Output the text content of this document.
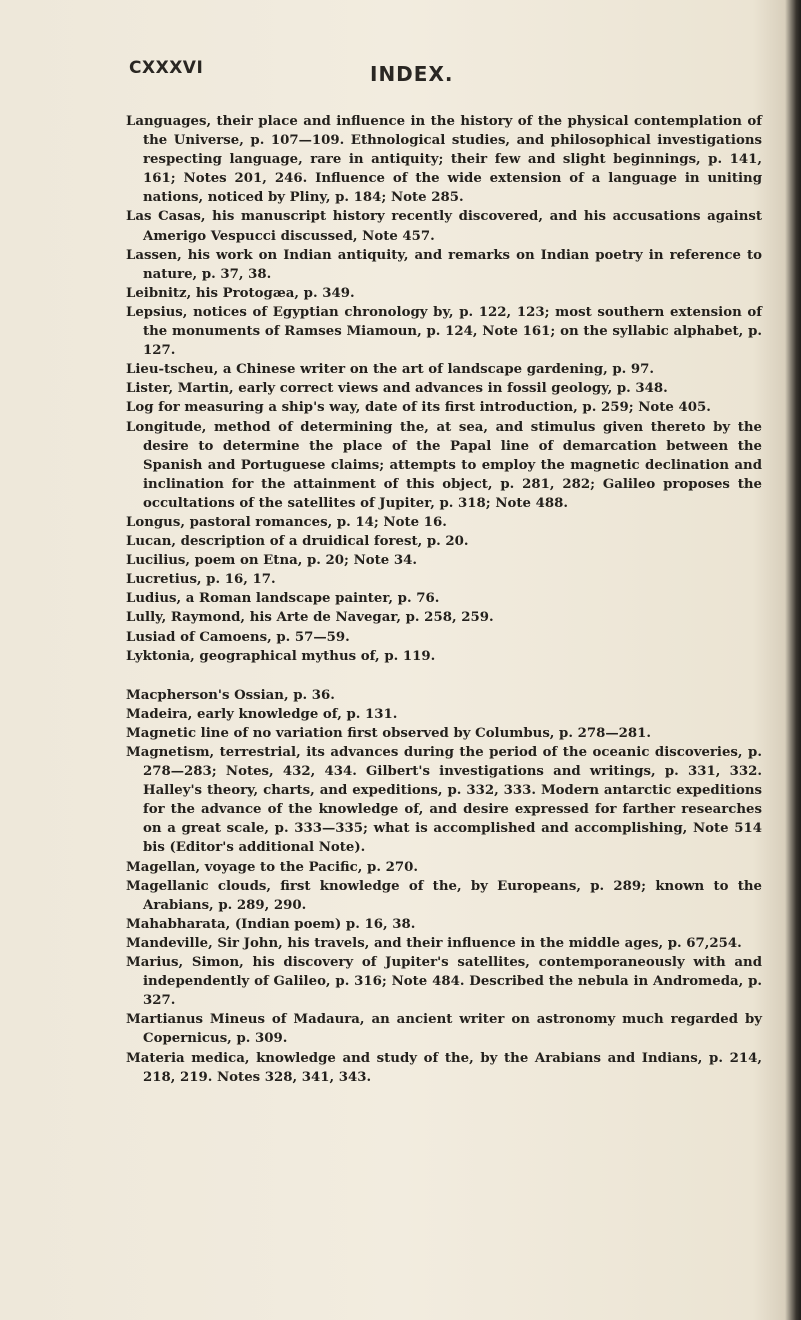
CXXXVI	INDEX.

Languages, their place and influence in the history of the physical contemplation of the Universe, p. 107—109. Ethnological studies, and philosophical investigations respecting language, rare in antiquity; their few and slight beginnings, p. 141, 161; Notes 201, 246. Influence of the wide extension of a language in uniting nations, noticed by Pliny, p. 184; Note 285.

Las Casas, his manuscript history recently discovered, and his accusations against Amerigo Vespucci discussed, Note 457.

Lassen, his work on Indian antiquity, and remarks on Indian poetry in reference to nature, p. 37, 38.

Leibnitz, his Protogæa, p. 349.

Lepsius, notices of Egyptian chronology by, p. 122, 123; most southern extension of the monuments of Ramses Miamoun, p. 124, Note 161; on the syllabic alphabet, p. 127.

Lieu-tscheu, a Chinese writer on the art of landscape gardening, p. 97.

Lister, Martin, early correct views and advances in fossil geology, p. 348.

Log for measuring a ship's way, date of its first introduction, p. 259; Note 405.

Longitude, method of determining the, at sea, and stimulus given thereto by the desire to determine the place of the Papal line of demarcation between the Spanish and Portuguese claims; attempts to employ the magnetic declination and inclination for the attainment of this object, p. 281, 282; Galileo proposes the occultations of the satellites of Jupiter, p. 318; Note 488.

Longus, pastoral romances, p. 14; Note 16.

Lucan, description of a druidical forest, p. 20.

Lucilius, poem on Etna, p. 20; Note 34.

Lucretius, p. 16, 17.

Ludius, a Roman landscape painter, p. 76.

Lully, Raymond, his Arte de Navegar, p. 258, 259.

Lusiad of Camoens, p. 57—59.

Lyktonia, geographical mythus of, p. 119.

Macpherson's Ossian, p. 36.

Madeira, early knowledge of, p. 131.

Magnetic line of no variation first observed by Columbus, p. 278—281.

Magnetism, terrestrial, its advances during the period of the oceanic discoveries, p. 278—283; Notes, 432, 434. Gilbert's investigations and writings, p. 331, 332. Halley's theory, charts, and expeditions, p. 332, 333. Modern antarctic expeditions for the advance of the knowledge of, and desire expressed for farther researches on a great scale, p. 333—335; what is accomplished and accomplishing, Note 514 bis (Editor's additional Note).

Magellan, voyage to the Pacific, p. 270.

Magellanic clouds, first knowledge of the, by Europeans, p. 289; known to the Arabians, p. 289, 290.

Mahabharata, (Indian poem) p. 16, 38.

Mandeville, Sir John, his travels, and their influence in the middle ages, p. 67,254.

Marius, Simon, his discovery of Jupiter's satellites, contemporaneously with and independently of Galileo, p. 316; Note 484. Described the nebula in Andromeda, p. 327.

Martianus Mineus of Madaura, an ancient writer on astronomy much regarded by Copernicus, p. 309.

Materia medica, knowledge and study of the, by the Arabians and Indians, p. 214, 218, 219. Notes 328, 341, 343.
